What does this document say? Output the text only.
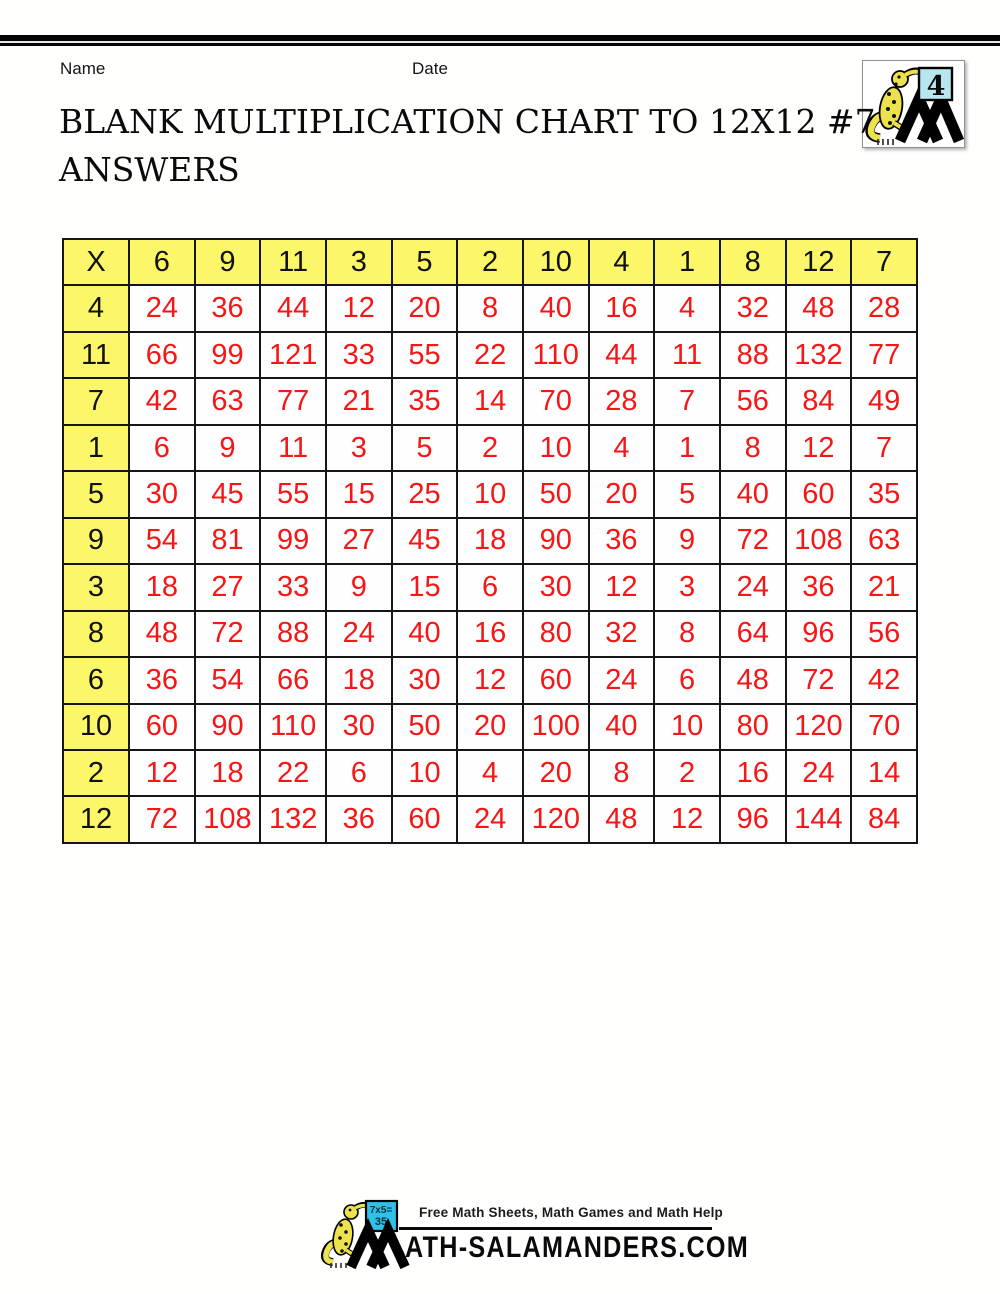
Name	Date
4
BLANK MULTIPLICATION CHART TO 12X12 #7
ANSWERS
X	6	9	11	3	5	2	10	4	1	8	12	7
4	24	36	44	12	20	8	40	16	4	32	48	28
11	66	99	121	33	55	22	110	44	11	88	132	77
7	42	63	77	21	35	14	70	28	7	56	84	49
1	6	9	11	3	5	2	10	4	1	8	12	7
5	30	45	55	15	25	10	50	20	5	40	60	35
9	54	81	99	27	45	18	90	36	9	72	108	63
3	18	27	33	9	15	6	30	12	3	24	36	21
8	48	72	88	24	40	16	80	32	8	64	96	56
6	36	54	66	18	30	12	60	24	6	48	72	42
10	60	90	110	30	50	20	100	40	10	80	120	70
2	12	18	22	6	10	4	20	8	2	16	24	14
12	72	108	132	36	60	24	120	48	12	96	144	84
7x5=
35
Free Math Sheets, Math Games and Math Help
ATH-SALAMANDERS.COM
